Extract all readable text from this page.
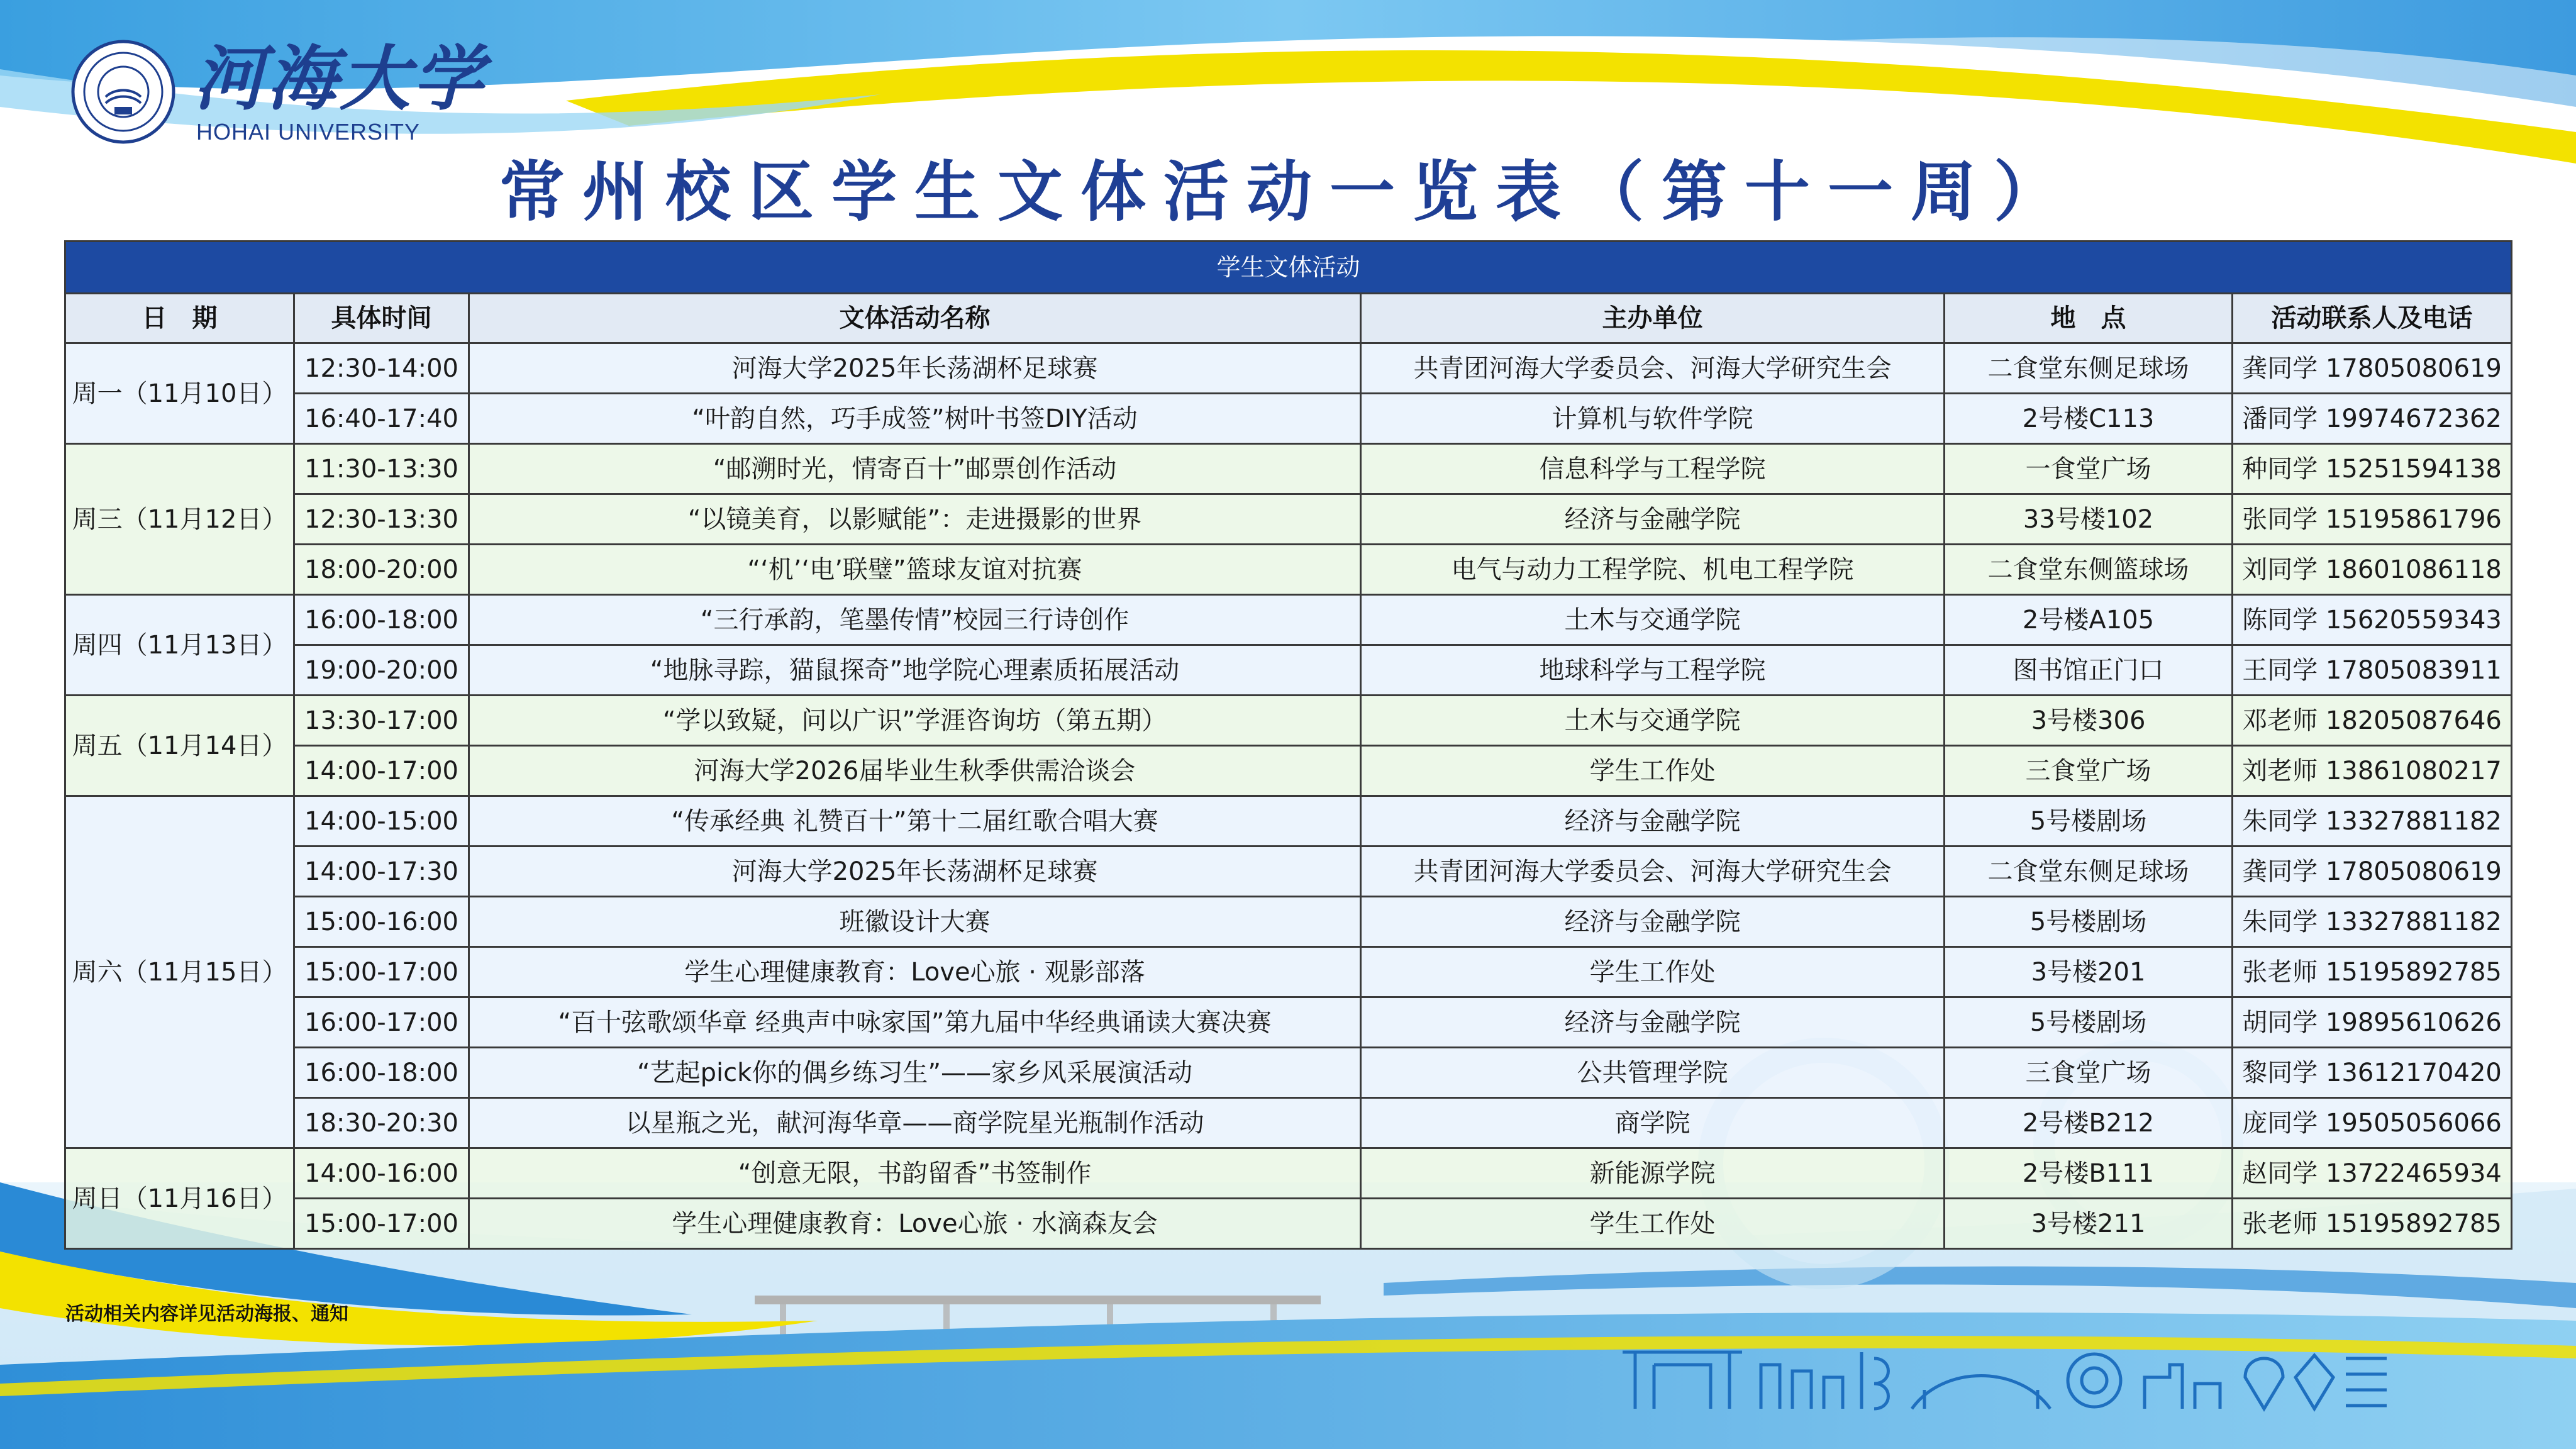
河海大学
HOHAI UNIVERSITY
常州校区学生文体活动一览表（第十一周）
学生文体活动					
日　期	具体时间	文体活动名称	主办单位	地　点	活动联系人及电话
周一（11月10日）	12:30-14:00	河海大学2025年长荡湖杯足球赛	共青团河海大学委员会、河海大学研究生会	二食堂东侧足球场	龚同学 17805080619
	16:40-17:40	“叶韵自然，巧手成签”树叶书签DIY活动	计算机与软件学院	2号楼C113	潘同学 19974672362
周三（11月12日）	11:30-13:30	“邮溯时光，情寄百十”邮票创作活动	信息科学与工程学院	一食堂广场	种同学 15251594138
	12:30-13:30	“以镜美育，以影赋能”：走进摄影的世界	经济与金融学院	33号楼102	张同学 15195861796
	18:00-20:00	“‘机’‘电’联璧”篮球友谊对抗赛	电气与动力工程学院、机电工程学院	二食堂东侧篮球场	刘同学 18601086118
周四（11月13日）	16:00-18:00	“三行承韵，笔墨传情”校园三行诗创作	土木与交通学院	2号楼A105	陈同学 15620559343
	19:00-20:00	“地脉寻踪，猫鼠探奇”地学院心理素质拓展活动	地球科学与工程学院	图书馆正门口	王同学 17805083911
周五（11月14日）	13:30-17:00	“学以致疑，问以广识”学涯咨询坊（第五期）	土木与交通学院	3号楼306	邓老师 18205087646
	14:00-17:00	河海大学2026届毕业生秋季供需洽谈会	学生工作处	三食堂广场	刘老师 13861080217
周六（11月15日）	14:00-15:00	“传承经典 礼赞百十”第十二届红歌合唱大赛	经济与金融学院	5号楼剧场	朱同学 13327881182
	14:00-17:30	河海大学2025年长荡湖杯足球赛	共青团河海大学委员会、河海大学研究生会	二食堂东侧足球场	龚同学 17805080619
	15:00-16:00	班徽设计大赛	经济与金融学院	5号楼剧场	朱同学 13327881182
	15:00-17:00	学生心理健康教育：Love心旅 · 观影部落	学生工作处	3号楼201	张老师 15195892785
	16:00-17:00	“百十弦歌颂华章 经典声中咏家国”第九届中华经典诵读大赛决赛	经济与金融学院	5号楼剧场	胡同学 19895610626
	16:00-18:00	“艺起pick你的偶乡练习生”——家乡风采展演活动	公共管理学院	三食堂广场	黎同学 13612170420
	18:30-20:30	以星瓶之光，献河海华章——商学院星光瓶制作活动	商学院	2号楼B212	庞同学 19505056066
周日（11月16日）	14:00-16:00	“创意无限，书韵留香”书签制作	新能源学院	2号楼B111	赵同学 13722465934
	15:00-17:00	学生心理健康教育：Love心旅 · 水滴森友会	学生工作处	3号楼211	张老师 15195892785
活动相关内容详见活动海报、通知
